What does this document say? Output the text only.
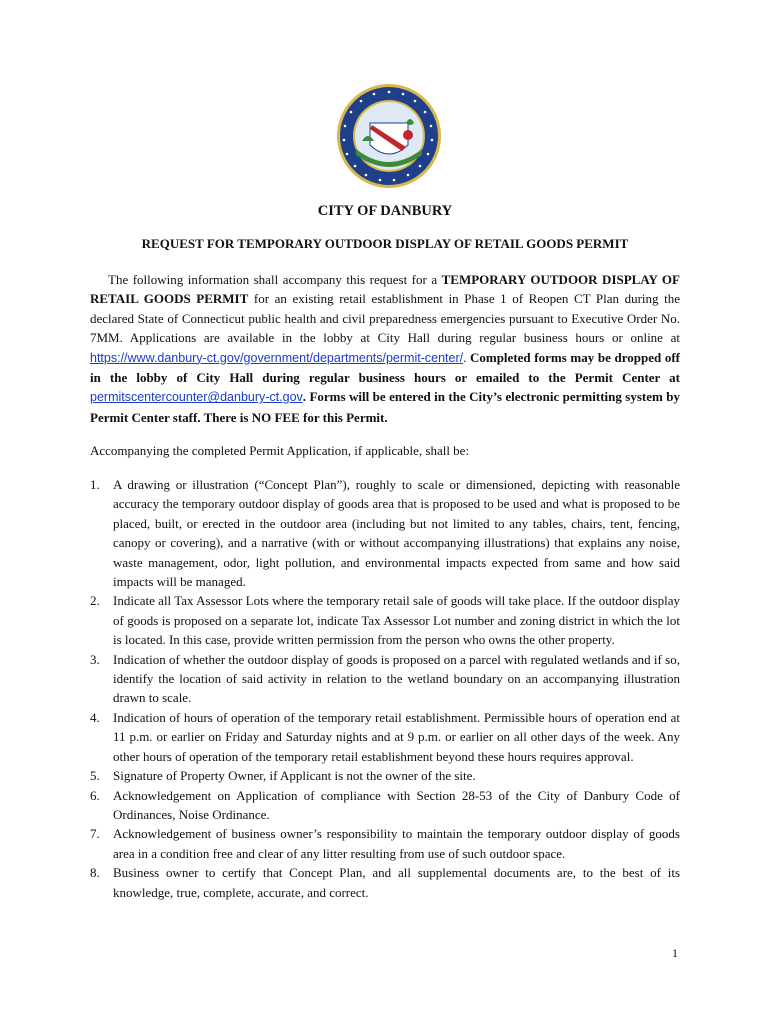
CITY OF DANBURY
REQUEST FOR TEMPORARY OUTDOOR DISPLAY OF RETAIL GOODS PERMIT
The following information shall accompany this request for a TEMPORARY OUTDOOR DISPLAY OF RETAIL GOODS PERMIT for an existing retail establishment in Phase 1 of Reopen CT Plan during the declared State of Connecticut public health and civil preparedness emergencies pursuant to Executive Order No. 7MM. Applications are available in the lobby at City Hall during regular business hours or online at https://www.danbury-ct.gov/government/departments/permit-center/. Completed forms may be dropped off in the lobby of City Hall during regular business hours or emailed to the Permit Center at permitscentercounter@danbury-ct.gov. Forms will be entered in the City’s electronic permitting system by Permit Center staff. There is NO FEE for this Permit.
Accompanying the completed Permit Application, if applicable, shall be:
1. A drawing or illustration (“Concept Plan”), roughly to scale or dimensioned, depicting with reasonable accuracy the temporary outdoor display of goods area that is proposed to be used and what is proposed to be placed, built, or erected in the outdoor area (including but not limited to any tables, chairs, tent, fencing, canopy or covering), and a narrative (with or without accompanying illustrations) that explains any noise, waste management, odor, light pollution, and environmental impacts expected from same and how said impacts will be managed.
2. Indicate all Tax Assessor Lots where the temporary retail sale of goods will take place. If the outdoor display of goods is proposed on a separate lot, indicate Tax Assessor Lot number and zoning district in which the lot is located. In this case, provide written permission from the person who owns the other property.
3. Indication of whether the outdoor display of goods is proposed on a parcel with regulated wetlands and if so, identify the location of said activity in relation to the wetland boundary on an accompanying illustration drawn to scale.
4. Indication of hours of operation of the temporary retail establishment. Permissible hours of operation end at 11 p.m. or earlier on Friday and Saturday nights and at 9 p.m. or earlier on all other days of the week. Any other hours of operation of the temporary retail establishment beyond these hours requires approval.
5. Signature of Property Owner, if Applicant is not the owner of the site.
6. Acknowledgement on Application of compliance with Section 28-53 of the City of Danbury Code of Ordinances, Noise Ordinance.
7. Acknowledgement of business owner’s responsibility to maintain the temporary outdoor display of goods area in a condition free and clear of any litter resulting from use of such outdoor space.
8. Business owner to certify that Concept Plan, and all supplemental documents are, to the best of its knowledge, true, complete, accurate, and correct.
1
